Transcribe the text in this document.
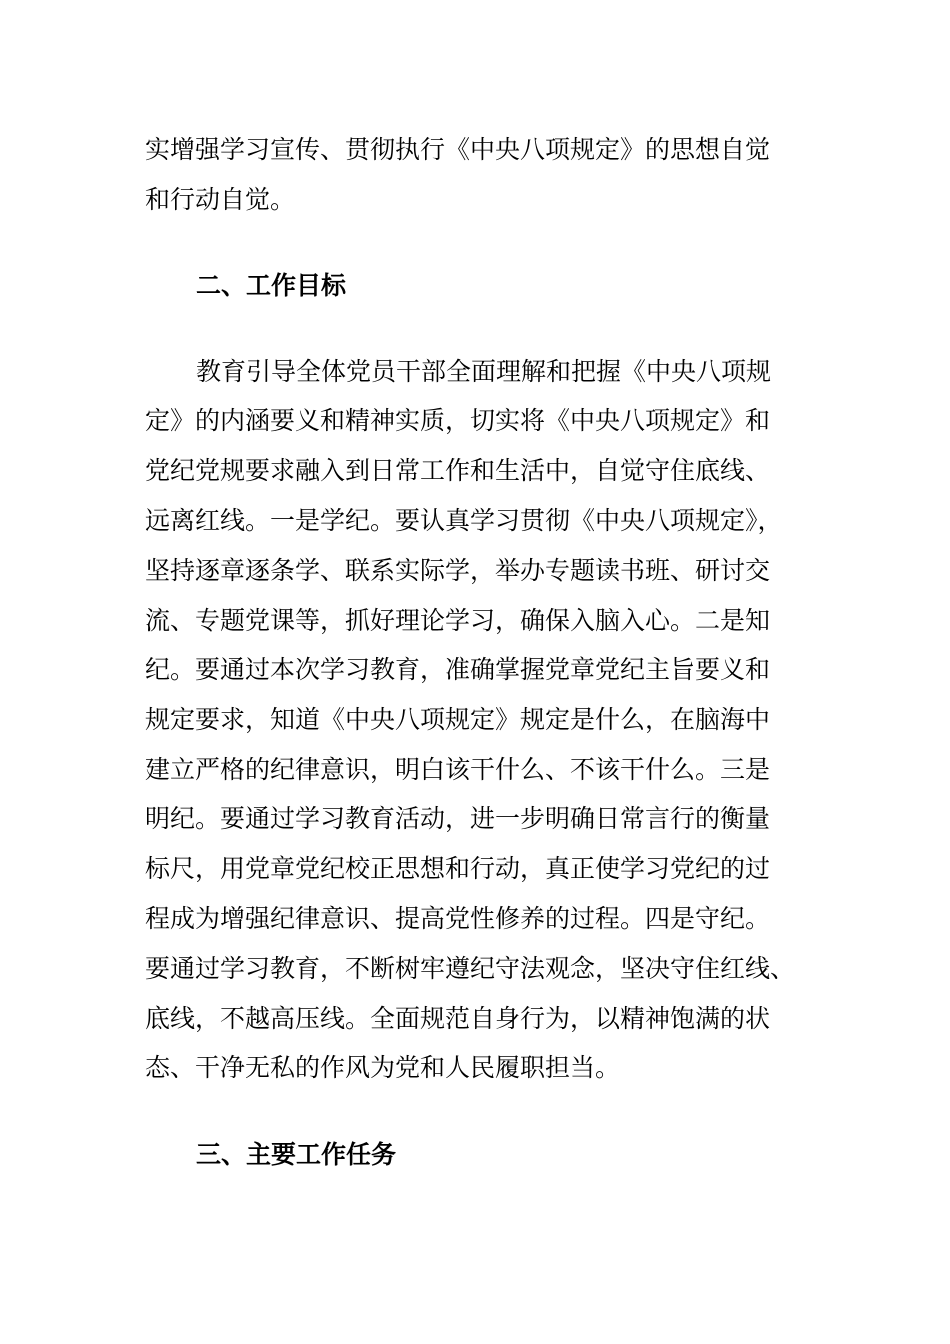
实增强学习宣传、贯彻执行《中央八项规定》的思想自觉
和行动自觉。
二、工作目标
教育引导全体党员干部全面理解和把握《中央八项规
定》的内涵要义和精神实质，切实将《中央八项规定》和
党纪党规要求融入到日常工作和生活中，自觉守住底线、
远离红线。一是学纪。要认真学习贯彻《中央八项规定》，
坚持逐章逐条学、联系实际学，举办专题读书班、研讨交
流、专题党课等，抓好理论学习，确保入脑入心。二是知
纪。要通过本次学习教育，准确掌握党章党纪主旨要义和
规定要求，知道《中央八项规定》规定是什么，在脑海中
建立严格的纪律意识，明白该干什么、不该干什么。三是
明纪。要通过学习教育活动，进一步明确日常言行的衡量
标尺，用党章党纪校正思想和行动，真正使学习党纪的过
程成为增强纪律意识、提高党性修养的过程。四是守纪。
要通过学习教育，不断树牢遵纪守法观念，坚决守住红线、
底线，不越高压线。全面规范自身行为，以精神饱满的状
态、干净无私的作风为党和人民履职担当。
三、主要工作任务
